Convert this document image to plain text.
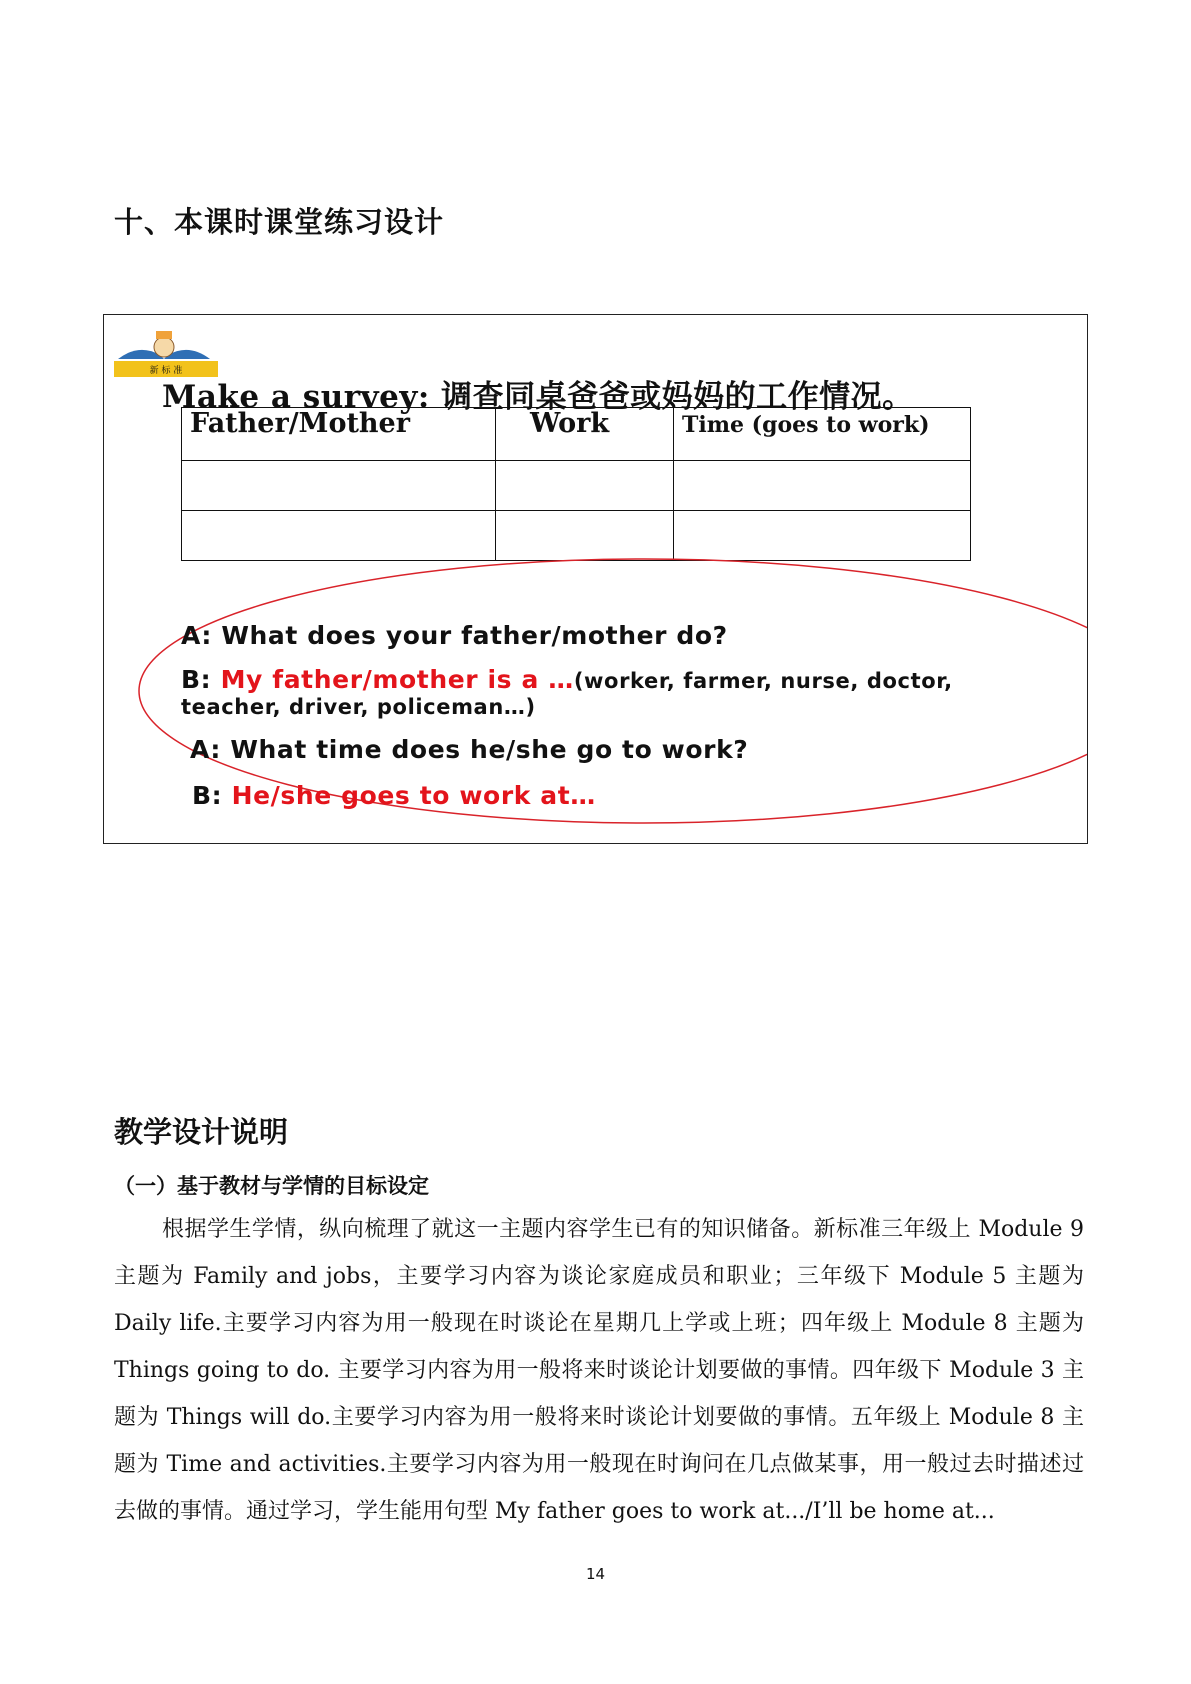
十、本课时课堂练习设计
新 标 准
Make a survey: 调查同桌爸爸或妈妈的工作情况。
Father/Mother	Work	Time (goes to work)

A: What does your father/mother do?
B: My father/mother is a …(worker, farmer, nurse, doctor,
teacher, driver, policeman…)
A: What time does he/she go to work?
B: He/she goes to work at…
教学设计说明
（一）基于教材与学情的目标设定
根据学生学情，纵向梳理了就这一主题内容学生已有的知识储备。新标准三年级上 Module 9 主题为 Family and jobs，主要学习内容为谈论家庭成员和职业；三年级下 Module 5 主题为 Daily life.主要学习内容为用一般现在时谈论在星期几上学或上班；四年级上 Module 8 主题为 Things going to do. 主要学习内容为用一般将来时谈论计划要做的事情。四年级下 Module 3 主题为 Things will do.主要学习内容为用一般将来时谈论计划要做的事情。五年级上 Module 8 主题为 Time and activities.主要学习内容为用一般现在时询问在几点做某事，用一般过去时描述过去做的事情。通过学习，学生能用句型 My father goes to work at.../I’ll be home at...
14
